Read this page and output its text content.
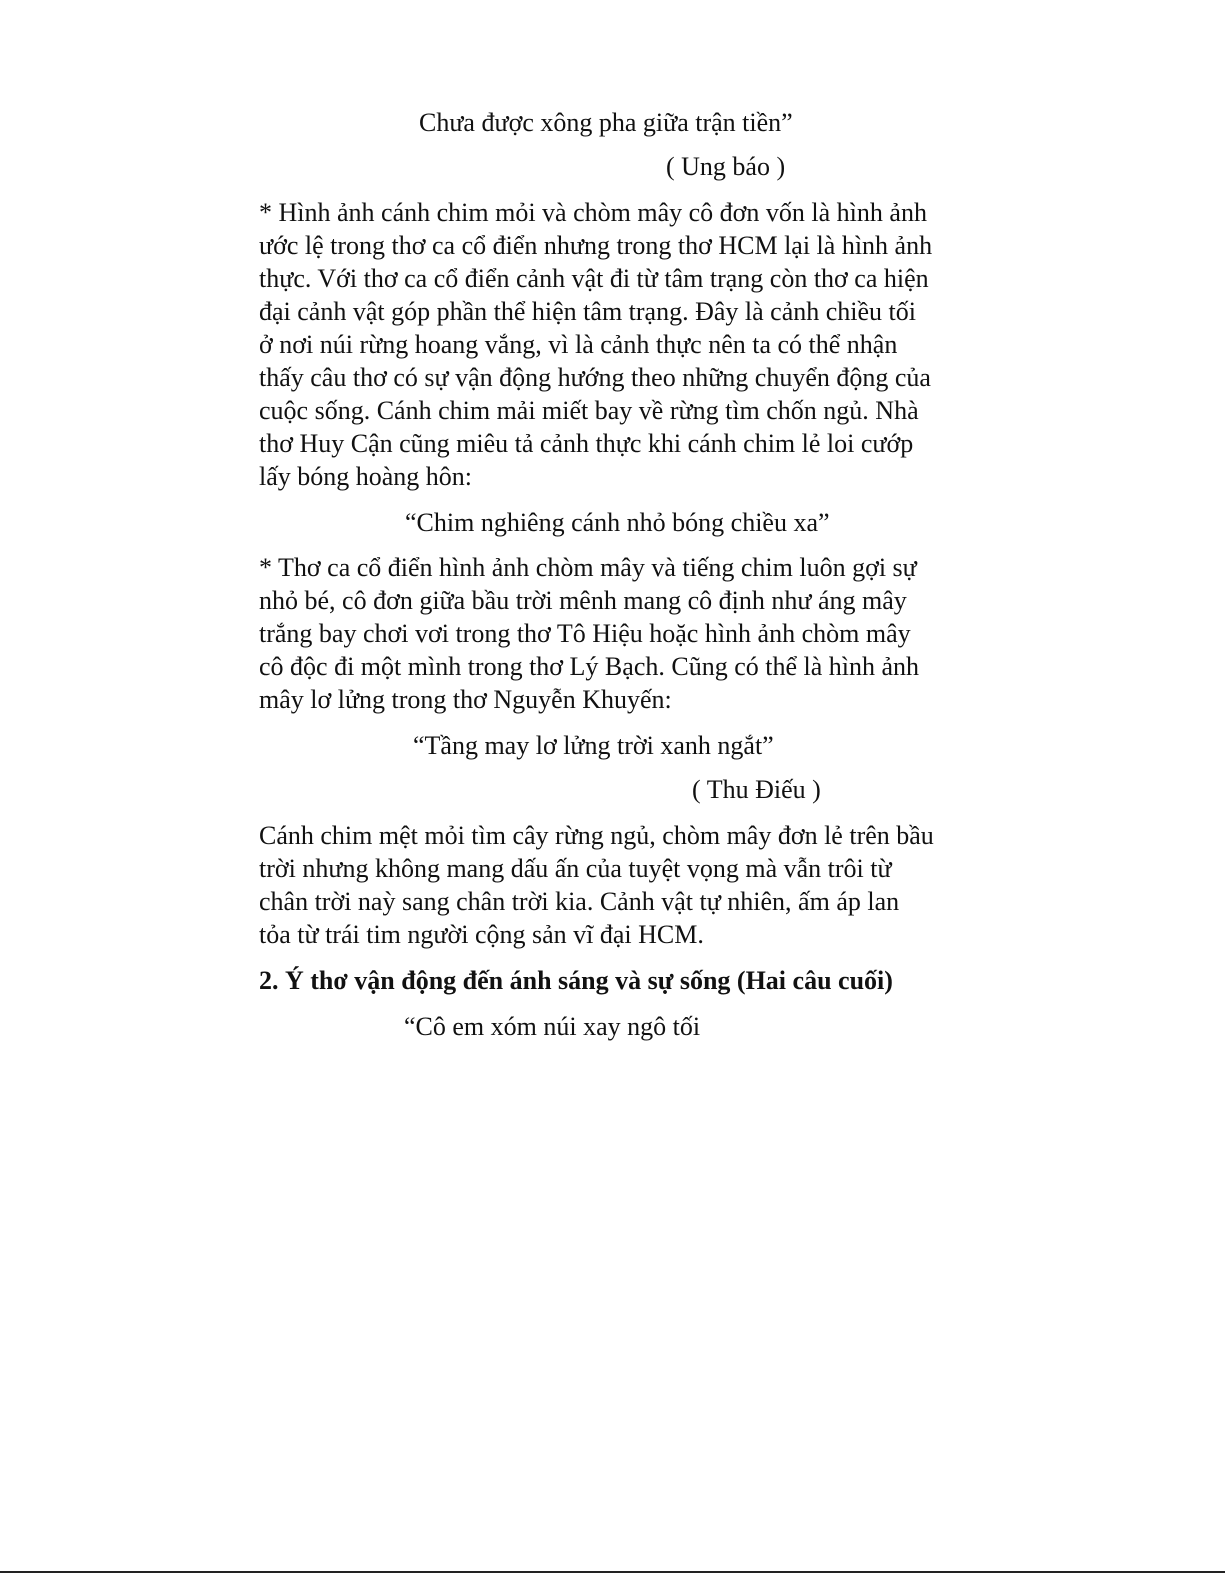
Chưa được xông pha giữa trận tiền”
( Ung báo )
* Hình ảnh cánh chim mỏi và chòm mây cô đơn vốn là hình ảnh
ước lệ trong thơ ca cổ điển nhưng trong thơ HCM lại là hình ảnh
thực. Với thơ ca cổ điển cảnh vật đi từ tâm trạng còn thơ ca hiện
đại cảnh vật góp phần thể hiện tâm trạng. Đây là cảnh chiều tối
ở nơi núi rừng hoang vắng, vì là cảnh thực nên ta có thể nhận
thấy câu thơ có sự vận động hướng theo những chuyển động của
cuộc sống. Cánh chim mải miết bay về rừng tìm chốn ngủ. Nhà
thơ Huy Cận cũng miêu tả cảnh thực khi cánh chim lẻ loi cướp
lấy bóng hoàng hôn:
“Chim nghiêng cánh nhỏ bóng chiều xa”
* Thơ ca cổ điển hình ảnh chòm mây và tiếng chim luôn gợi sự
nhỏ bé, cô đơn giữa bầu trời mênh mang cô định như áng mây
trắng bay chơi vơi trong thơ Tô Hiệu hoặc hình ảnh chòm mây
cô độc đi một mình trong thơ Lý Bạch. Cũng có thể là hình ảnh
mây lơ lửng trong thơ Nguyễn Khuyến:
“Tầng may lơ lửng trời xanh ngắt”
( Thu Điếu )
Cánh chim mệt mỏi tìm cây rừng ngủ, chòm mây đơn lẻ trên bầu
trời nhưng không mang dấu ấn của tuyệt vọng mà vẫn trôi từ
chân trời naỳ sang chân trời kia. Cảnh vật tự nhiên, ấm áp lan
tỏa từ trái tim người cộng sản vĩ đại HCM.
2. Ý thơ vận động đến ánh sáng và sự sống (Hai câu cuối)
“Cô em xóm núi xay ngô tối
